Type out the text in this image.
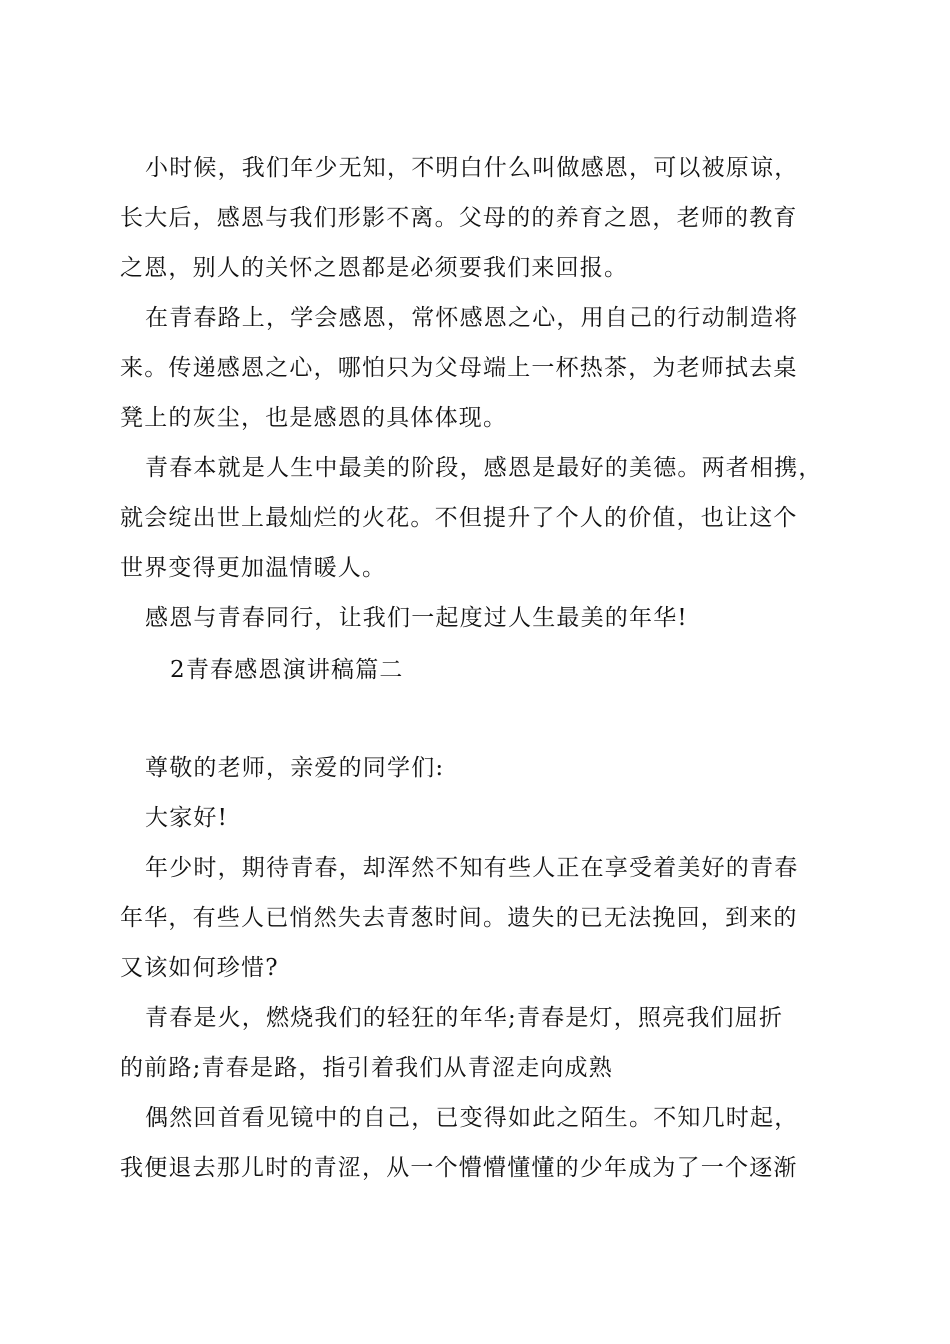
小时候，我们年少无知，不明白什么叫做感恩，可以被原谅，
长大后，感恩与我们形影不离。父母的的养育之恩，老师的教育
之恩，别人的关怀之恩都是必须要我们来回报。
在青春路上，学会感恩，常怀感恩之心，用自己的行动制造将
来。传递感恩之心，哪怕只为父母端上一杯热茶，为老师拭去桌
凳上的灰尘，也是感恩的具体体现。
青春本就是人生中最美的阶段，感恩是最好的美德。两者相携，
就会绽出世上最灿烂的火花。不但提升了个人的价值，也让这个
世界变得更加温情暖人。
感恩与青春同行，让我们一起度过人生最美的年华!
2青春感恩演讲稿篇二
尊敬的老师，亲爱的同学们:
大家好!
年少时，期待青春，却浑然不知有些人正在享受着美好的青春
年华，有些人已悄然失去青葱时间。遗失的已无法挽回，到来的
又该如何珍惜?
青春是火，燃烧我们的轻狂的年华;青春是灯，照亮我们屈折
的前路;青春是路，指引着我们从青涩走向成熟
偶然回首看见镜中的自己，已变得如此之陌生。不知几时起，
我便退去那儿时的青涩，从一个懵懵懂懂的少年成为了一个逐渐
